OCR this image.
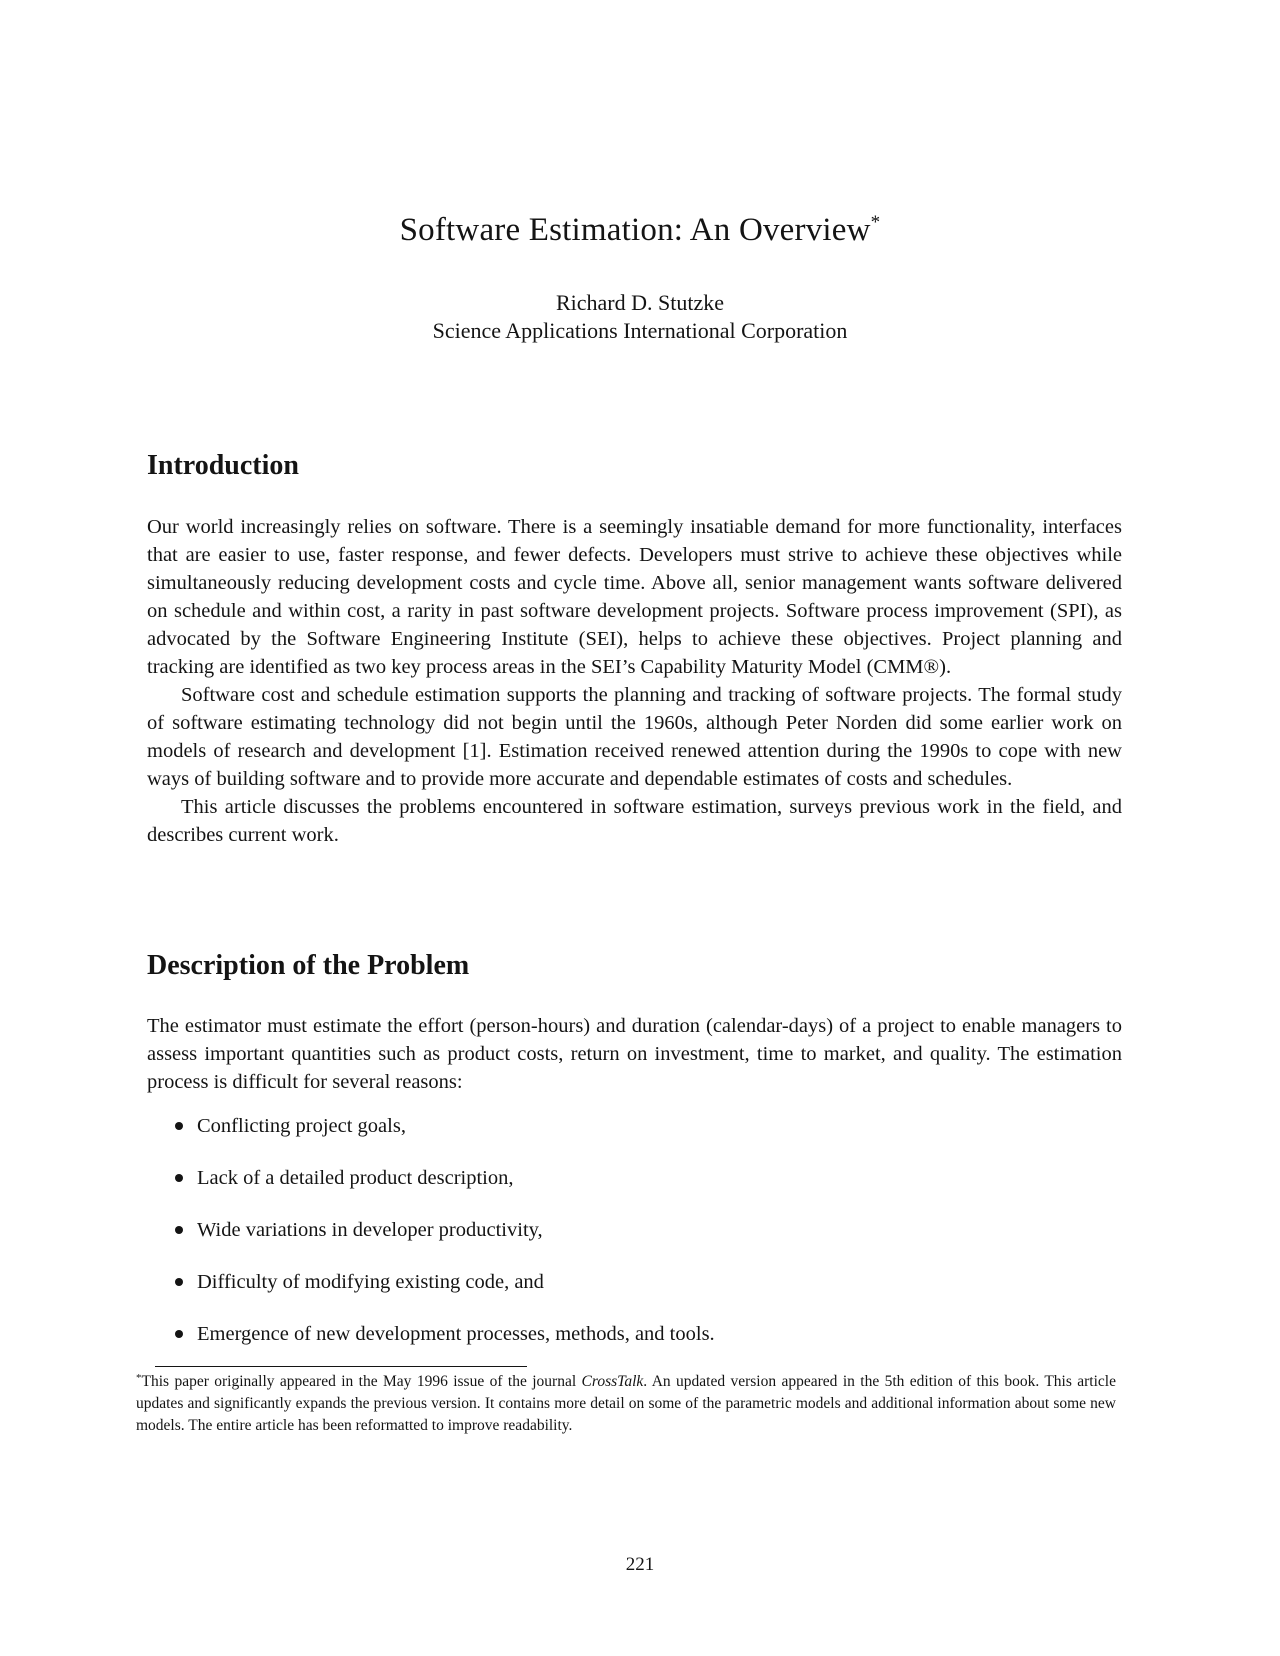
Software Estimation: An Overview*
Richard D. Stutzke
Science Applications International Corporation
Introduction

Our world increasingly relies on software. There is a seemingly insatiable demand for more functionality, interfaces that are easier to use, faster response, and fewer defects. Developers must strive to achieve these objectives while simultaneously reducing development costs and cycle time. Above all, senior management wants software delivered on schedule and within cost, a rarity in past software development projects. Software process improvement (SPI), as advocated by the Software Engineering Institute (SEI), helps to achieve these objectives. Project planning and tracking are identified as two key process areas in the SEI’s Capability Maturity Model (CMM®).

Software cost and schedule estimation supports the planning and tracking of software projects. The formal study of software estimating technology did not begin until the 1960s, although Peter Norden did some earlier work on models of research and development [1]. Estimation received renewed attention during the 1990s to cope with new ways of building software and to provide more accurate and dependable estimates of costs and schedules.

This article discusses the problems encountered in software estimation, surveys previous work in the field, and describes current work.

Description of the Problem

The estimator must estimate the effort (person-hours) and duration (calendar-days) of a project to enable managers to assess important quantities such as product costs, return on investment, time to market, and quality. The estimation process is difficult for several reasons:

Conflicting project goals,
Lack of a detailed product description,
Wide variations in developer productivity,
Difficulty of modifying existing code, and
Emergence of new development processes, methods, and tools.
*This paper originally appeared in the May 1996 issue of the journal CrossTalk. An updated version appeared in the 5th edition of this book. This article updates and significantly expands the previous version. It contains more detail on some of the parametric models and additional information about some new models. The entire article has been reformatted to improve readability.
221
